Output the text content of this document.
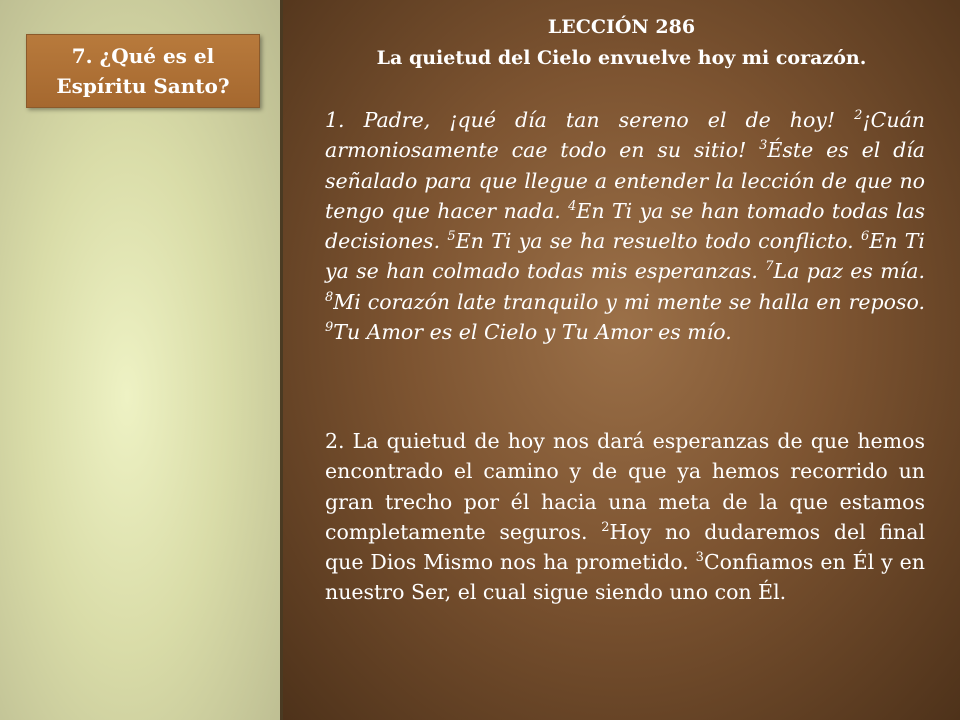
7. ¿Qué es el
Espíritu Santo?
LECCIÓN 286
La quietud del Cielo envuelve hoy mi corazón.

1. Padre, ¡qué día tan sereno el de hoy! $^2$¡Cuán armoniosamente cae todo en su sitio! $^3$Éste es el día señalado para que llegue a entender la lección de que no tengo que hacer nada. $^4$En Ti ya se han tomado todas las decisiones. $^5$En Ti ya se ha resuelto todo conflicto. $^6$En Ti ya se han colmado todas mis esperanzas. $^7$La paz es mía. $^8$Mi corazón late tranquilo y mi mente se halla en reposo. $^9$Tu Amor es el Cielo y Tu Amor es mío.

2. La quietud de hoy nos dará esperanzas de que hemos encontrado el camino y de que ya hemos recorrido un gran trecho por él hacia una meta de la que estamos completamente seguros. $^2$Hoy no dudaremos del final que Dios Mismo nos ha prometido. $^3$Confiamos en Él y en nuestro Ser, el cual sigue siendo uno con Él.
